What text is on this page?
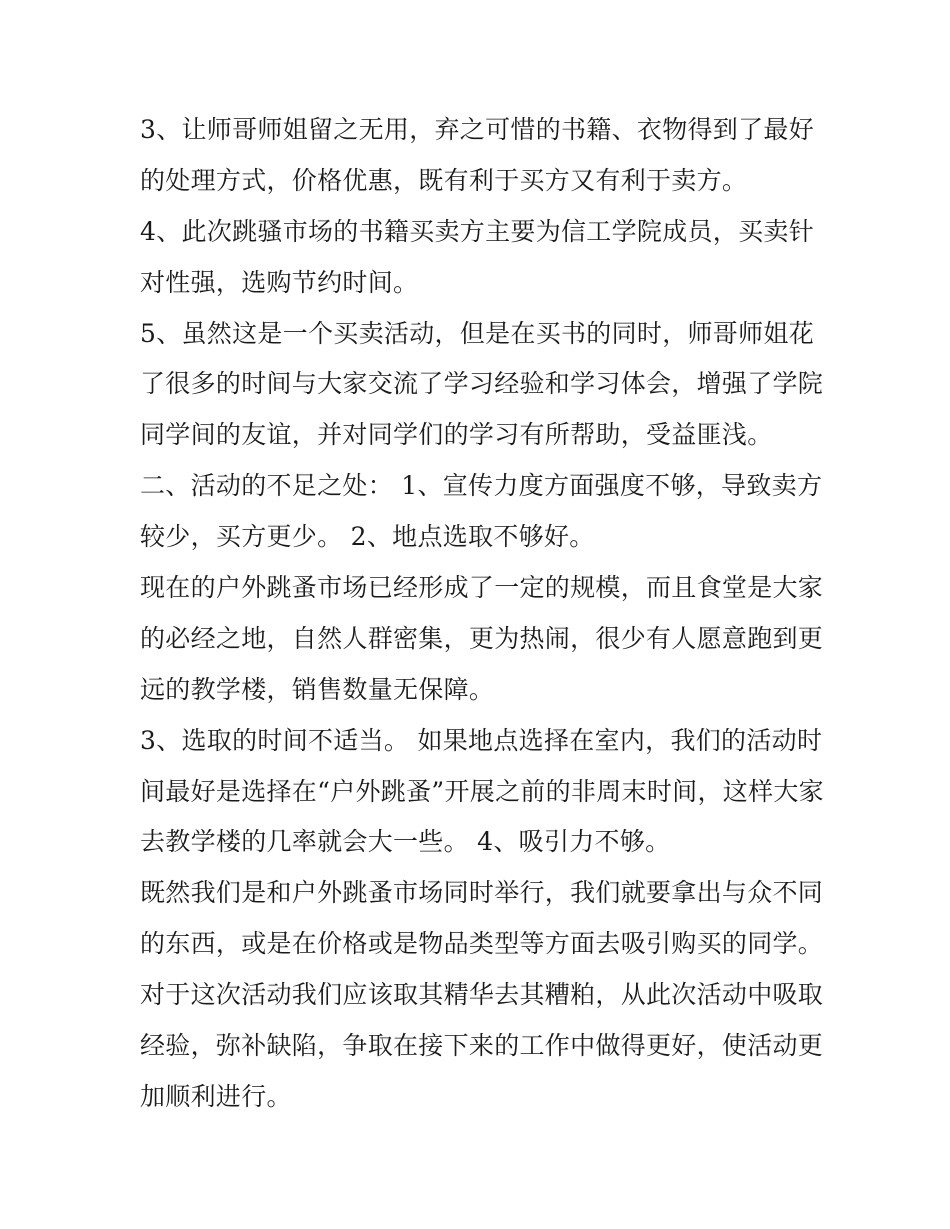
3、让师哥师姐留之无用，弃之可惜的书籍、衣物得到了最好
的处理方式，价格优惠，既有利于买方又有利于卖方。

4、此次跳骚市场的书籍买卖方主要为信工学院成员，买卖针
对性强，选购节约时间。

5、虽然这是一个买卖活动，但是在买书的同时，师哥师姐花
了很多的时间与大家交流了学习经验和学习体会，增强了学院
同学间的友谊，并对同学们的学习有所帮助，受益匪浅。

二、活动的不足之处： 1、宣传力度方面强度不够，导致卖方
较少，买方更少。 2、地点选取不够好。

现在的户外跳蚤市场已经形成了一定的规模，而且食堂是大家
的必经之地，自然人群密集，更为热闹，很少有人愿意跑到更
远的教学楼，销售数量无保障。

3、选取的时间不适当。 如果地点选择在室内，我们的活动时
间最好是选择在“户外跳蚤”开展之前的非周末时间，这样大家
去教学楼的几率就会大一些。 4、吸引力不够。

既然我们是和户外跳蚤市场同时举行，我们就要拿出与众不同
的东西，或是在价格或是物品类型等方面去吸引购买的同学。

对于这次活动我们应该取其精华去其糟粕，从此次活动中吸取
经验，弥补缺陷，争取在接下来的工作中做得更好，使活动更
加顺利进行。
